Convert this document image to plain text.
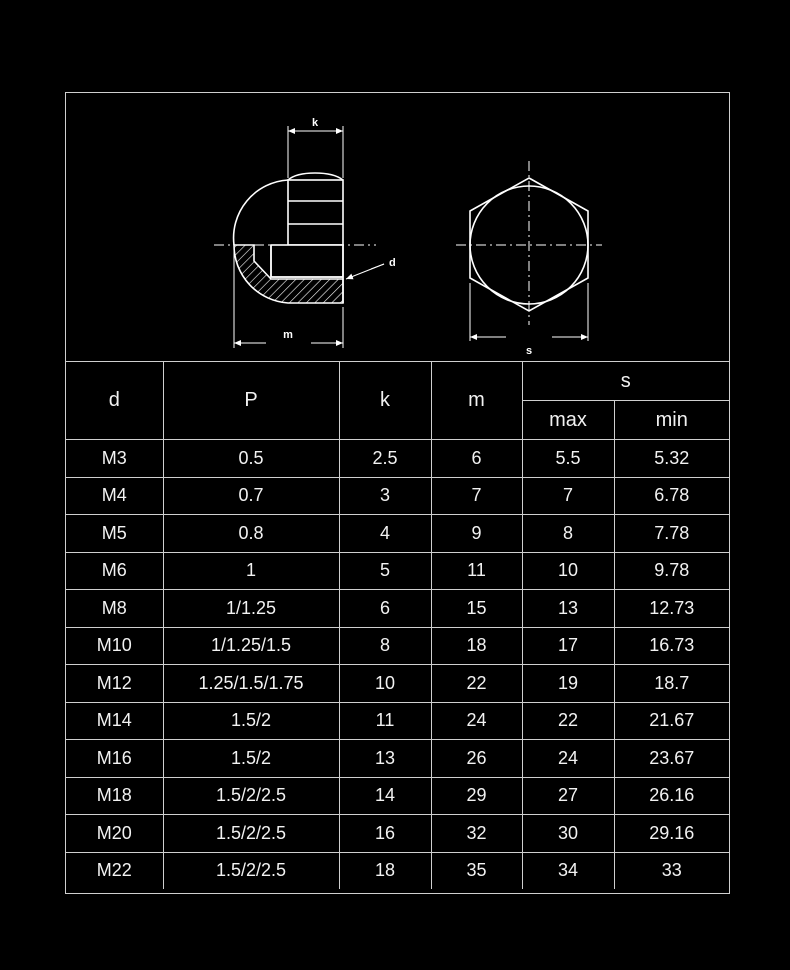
k
d
m
s
d	P	k	m	s	
				max	min
M3	0.5	2.5	6	5.5	5.32
M4	0.7	3	7	7	6.78
M5	0.8	4	9	8	7.78
M6	1	5	11	10	9.78
M8	1/1.25	6	15	13	12.73
M10	1/1.25/1.5	8	18	17	16.73
M12	1.25/1.5/1.75	10	22	19	18.7
M14	1.5/2	11	24	22	21.67
M16	1.5/2	13	26	24	23.67
M18	1.5/2/2.5	14	29	27	26.16
M20	1.5/2/2.5	16	32	30	29.16
M22	1.5/2/2.5	18	35	34	33
